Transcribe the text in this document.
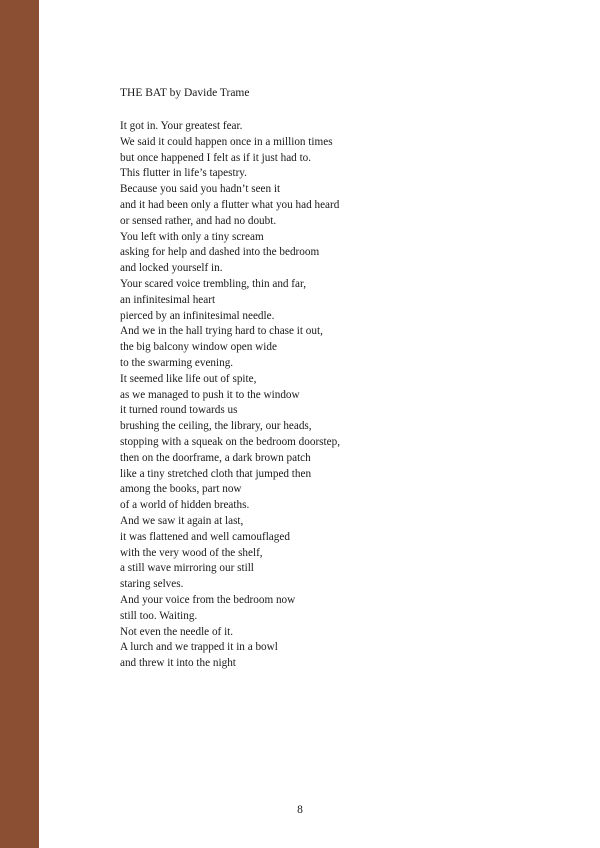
THE BAT by Davide Trame
It got in. Your greatest fear.
We said it could happen once in a million times
but once happened I felt as if it just had to.
This flutter in life’s tapestry.
Because you said you hadn’t seen it
and it had been only a flutter what you had heard
or sensed rather, and had no doubt.
You left with only a tiny scream
asking for help and dashed into the bedroom
and locked yourself in.
Your scared voice trembling, thin and far,
an infinitesimal heart
pierced by an infinitesimal needle.
And we in the hall trying hard to chase it out,
the big balcony window open wide
to the swarming evening.
It seemed like life out of spite,
as we managed to push it to the window
it turned round towards us
brushing the ceiling, the library, our heads,
stopping with a squeak on the bedroom doorstep,
then on the doorframe, a dark brown patch
like a tiny stretched cloth that jumped then
among the books, part now
of a world of hidden breaths.
And we saw it again at last,
it was flattened and well camouflaged
with the very wood of the shelf,
a still wave mirroring our still
staring selves.
And your voice from the bedroom now
still too. Waiting.
Not even the needle of it.
A lurch and we trapped it in a bowl
and threw it into the night
8
